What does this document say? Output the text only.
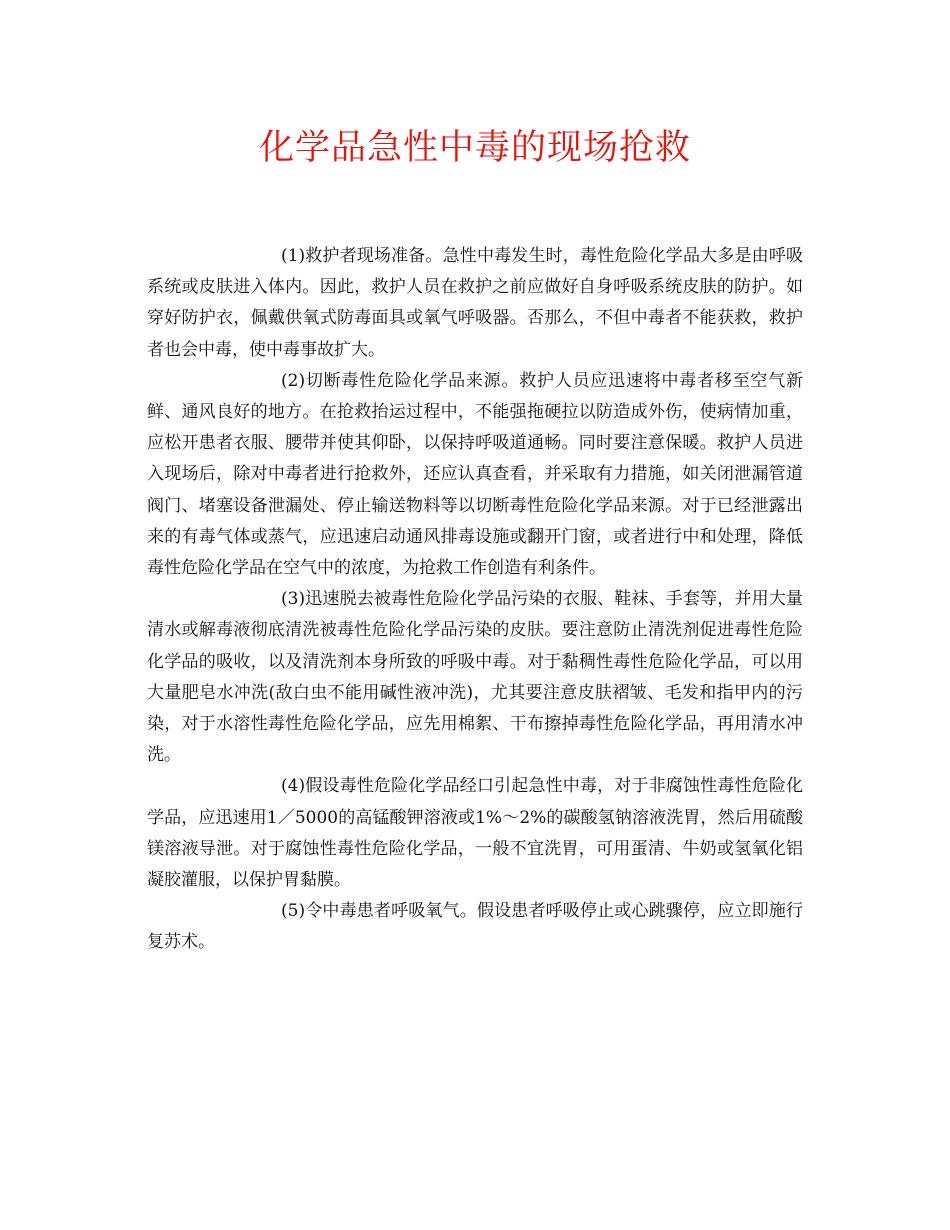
化学品急性中毒的现场抢救

(1)救护者现场准备。急性中毒发生时，毒性危险化学品大多是由呼吸系统或皮肤进入体内。因此，救护人员在救护之前应做好自身呼吸系统皮肤的防护。如 穿好防护衣，佩戴供氧式防毒面具或氧气呼吸器。否那么，不但中毒者不能获救，救护者也会中毒，使中毒事故扩大。

(2)切断毒性危险化学品来源。救护人员应迅速将中毒者移至空气新鲜、通风良好的地方。在抢救抬运过程中，不能强拖硬拉以防造成外伤，使病情加重，应松开患者衣服、腰带并使其仰卧，以保持呼吸道通畅。同时要注意保暖。救护人员进入现场后，除对中毒者进行抢救外，还应认真查看，并采取有力措施，如关闭泄漏管道阀门、堵塞设备泄漏处、停止输送物料等以切断毒性危险化学品来源。对于已经泄露出来的有毒气体或蒸气，应迅速启动通风排毒设施或翻开门窗，或者进行中和处理，降低毒性危险化学品在空气中的浓度，为抢救工作创造有利条件。

(3)迅速脱去被毒性危险化学品污染的衣服、鞋袜、手套等，并用大量清水或解毒液彻底清洗被毒性危险化学品污染的皮肤。要注意防止清洗剂促进毒性危险化学品的吸收，以及清洗剂本身所致的呼吸中毒。对于黏稠性毒性危险化学品，可以用大量肥皂水冲洗(敌白虫不能用碱性液冲洗)，尤其要注意皮肤褶皱、毛发和指甲内的污染，对于水溶性毒性危险化学品，应先用棉絮、干布擦掉毒性危险化学品，再用清水冲洗。

(4)假设毒性危险化学品经口引起急性中毒，对于非腐蚀性毒性危险化学品，应迅速用1／5000的高锰酸钾溶液或1%～2%的碳酸氢钠溶液洗胃，然后用硫酸镁溶液导泄。对于腐蚀性毒性危险化学品，一般不宜洗胃，可用蛋清、牛奶或氢氧化铝凝胶灌服，以保护胃黏膜。

(5)令中毒患者呼吸氧气。假设患者呼吸停止或心跳骤停，应立即施行复苏术。
